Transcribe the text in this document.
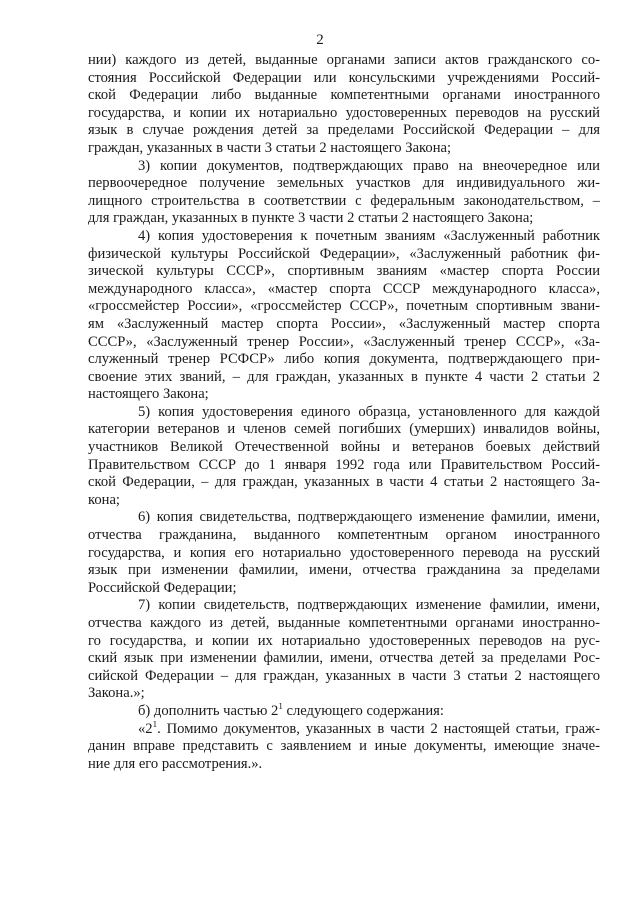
2
нии) каждого из детей, выданные органами записи актов гражданского со-
стояния Российской Федерации или консульскими учреждениями Россий-
ской Федерации либо выданные компетентными органами иностранного
государства, и копии их нотариально удостоверенных переводов на русский
язык в случае рождения детей за пределами Российской Федерации – для
граждан, указанных в части 3 статьи 2 настоящего Закона;
3) копии документов, подтверждающих право на внеочередное или
первоочередное получение земельных участков для индивидуального жи-
лищного строительства в соответствии с федеральным законодательством, –
для граждан, указанных в пункте 3 части 2 статьи 2 настоящего Закона;
4) копия удостоверения к почетным званиям «Заслуженный работник
физической культуры Российской Федерации», «Заслуженный работник фи-
зической культуры СССР», спортивным званиям «мастер спорта России
международного класса», «мастер спорта СССР международного класса»,
«гроссмейстер России», «гроссмейстер СССР», почетным спортивным звани-
ям «Заслуженный мастер спорта России», «Заслуженный мастер спорта
СССР», «Заслуженный тренер России», «Заслуженный тренер СССР», «За-
служенный тренер РСФСР» либо копия документа, подтверждающего при-
своение этих званий, – для граждан, указанных в пункте 4 части 2 статьи 2
настоящего Закона;
5) копия удостоверения единого образца, установленного для каждой
категории ветеранов и членов семей погибших (умерших) инвалидов войны,
участников Великой Отечественной войны и ветеранов боевых действий
Правительством СССР до 1 января 1992 года или Правительством Россий-
ской Федерации, – для граждан, указанных в части 4 статьи 2 настоящего За-
кона;
6) копия свидетельства, подтверждающего изменение фамилии, имени,
отчества гражданина, выданного компетентным органом иностранного
государства, и копия его нотариально удостоверенного перевода на русский
язык при изменении фамилии, имени, отчества гражданина за пределами
Российской Федерации;
7) копии свидетельств, подтверждающих изменение фамилии, имени,
отчества каждого из детей, выданные компетентными органами иностранно-
го государства, и копии их нотариально удостоверенных переводов на рус-
ский язык при изменении фамилии, имени, отчества детей за пределами Рос-
сийской Федерации – для граждан, указанных в части 3 статьи 2 настоящего
Закона.»;
б) дополнить частью $2^1$ следующего содержания:
«$2^1$. Помимо документов, указанных в части 2 настоящей статьи, граж-
данин вправе представить с заявлением и иные документы, имеющие значе-
ние для его рассмотрения.».
